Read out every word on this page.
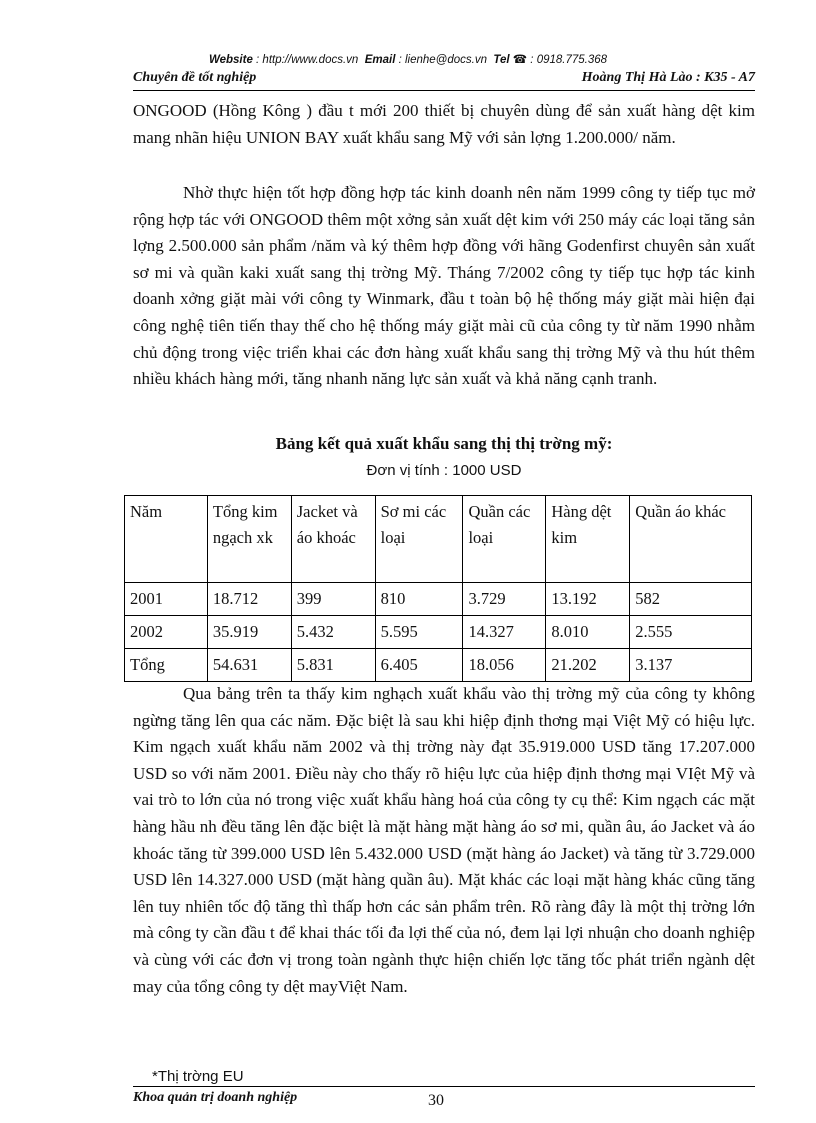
Website : http://www.docs.vn Email : lienhe@docs.vn Tel ☎ : 0918.775.368
Chuyên đề tốt nghiệp	Hoàng Thị Hà Lào : K35 - A7
ONGOOD (Hồng Kông ) đầu t mới 200 thiết bị chuyên dùng để sản xuất hàng dệt kim mang nhãn hiệu UNION BAY xuất khẩu sang Mỹ với sản lợng 1.200.000/ năm.
Nhờ thực hiện tốt hợp đồng hợp tác kinh doanh nên năm 1999 công ty tiếp tục mở rộng hợp tác với ONGOOD thêm một xởng sản xuất dệt kim với 250 máy các loại tăng sản lợng 2.500.000 sản phẩm /năm và ký thêm hợp đồng với hãng Godenfirst chuyên sản xuất sơ mi và quần kaki xuất sang thị trờng Mỹ. Tháng 7/2002 công ty tiếp tục hợp tác kinh doanh xởng giặt mài với công ty Winmark, đầu t toàn bộ hệ thống máy giặt mài hiện đại công nghệ tiên tiến thay thế cho hệ thống máy giặt mài cũ của công ty từ năm 1990 nhằm chủ động trong việc triển khai các đơn hàng xuất khẩu sang thị trờng Mỹ và thu hút thêm nhiều khách hàng mới, tăng nhanh năng lực sản xuất và khả năng cạnh tranh.
Bảng kết quả xuất khẩu sang thị thị trờng mỹ:
Đơn vị tính : 1000 USD
Năm	Tổng kim ngạch xk	Jacket và áo khoác	Sơ mi các loại	Quần các loại	Hàng dệt kim	Quần áo khác
2001	18.712	399	810	3.729	13.192	582
2002	35.919	5.432	5.595	14.327	8.010	2.555
Tổng	54.631	5.831	6.405	18.056	21.202	3.137
Qua bảng trên ta thấy kim nghạch xuất khẩu vào thị trờng mỹ của công ty không ngừng tăng lên qua các năm. Đặc biệt là sau khi hiệp định thơng mại Việt Mỹ có hiệu lực. Kim ngạch xuất khẩu năm 2002 và thị trờng này đạt 35.919.000 USD tăng 17.207.000 USD so với năm 2001. Điều này cho thấy rõ hiệu lực của hiệp định thơng mại VIệt Mỹ và vai trò to lớn của nó trong việc xuất khẩu hàng hoá của công ty cụ thể: Kim ngạch các mặt hàng hầu nh đều tăng lên đặc biệt là mặt hàng mặt hàng áo sơ mi, quần âu, áo Jacket và áo khoác tăng từ 399.000 USD lên 5.432.000 USD (mặt hàng áo Jacket) và tăng từ 3.729.000 USD lên 14.327.000 USD (mặt hàng quần âu). Mặt khác các loại mặt hàng khác cũng tăng lên tuy nhiên tốc độ tăng thì thấp hơn các sản phẩm trên. Rõ ràng đây là một thị trờng lớn mà công ty cần đầu t để khai thác tối đa lợi thế của nó, đem lại lợi nhuận cho doanh nghiệp và cùng với các đơn vị trong toàn ngành thực hiện chiến lợc tăng tốc phát triển ngành dệt may của tổng công ty dệt mayViệt Nam.
*Thị trờng EU
Khoa quản trị doanh nghiệp	30
